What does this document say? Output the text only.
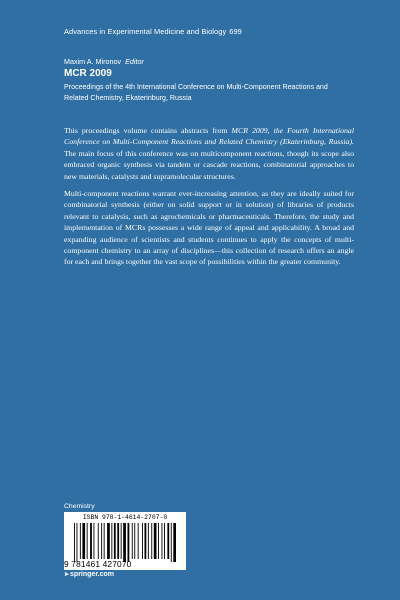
Advances in Experimental Medicine and Biology 699
Maxim A. Mironov Editor
MCR 2009
Proceedings of the 4th International Conference on Multi-Component Reactions and
Related Chemistry, Ekaterinburg, Russia

This proceedings volume contains abstracts from MCR 2009, the Fourth International Conference on Multi-Component Reactions and Related Chemistry (Ekaterinburg, Russia). The main focus of this conference was on multicomponent reactions, though its scope also embraced organic synthesis via tandem or cascade reactions, combinatorial approaches to new materials, catalysts and supramolecular structures.

Multi-component reactions warrant ever-increasing attention, as they are ideally suited for combinatorial synthesis (either on solid support or in solution) of libraries of products relevant to catalysis, such as agrochemicals or pharmaceuticals. Therefore, the study and implementation of MCRs possesses a wide range of appeal and applicability. A broad and expanding audience of scientists and students continues to apply the concepts of multi-component chemistry to an array of disciplines—this collection of research offers an angle for each and brings together the vast scope of possibilities within the greater community.

Chemistry
ISBN 978-1-4614-2707-0
9 781461 427070
➤springer.com
